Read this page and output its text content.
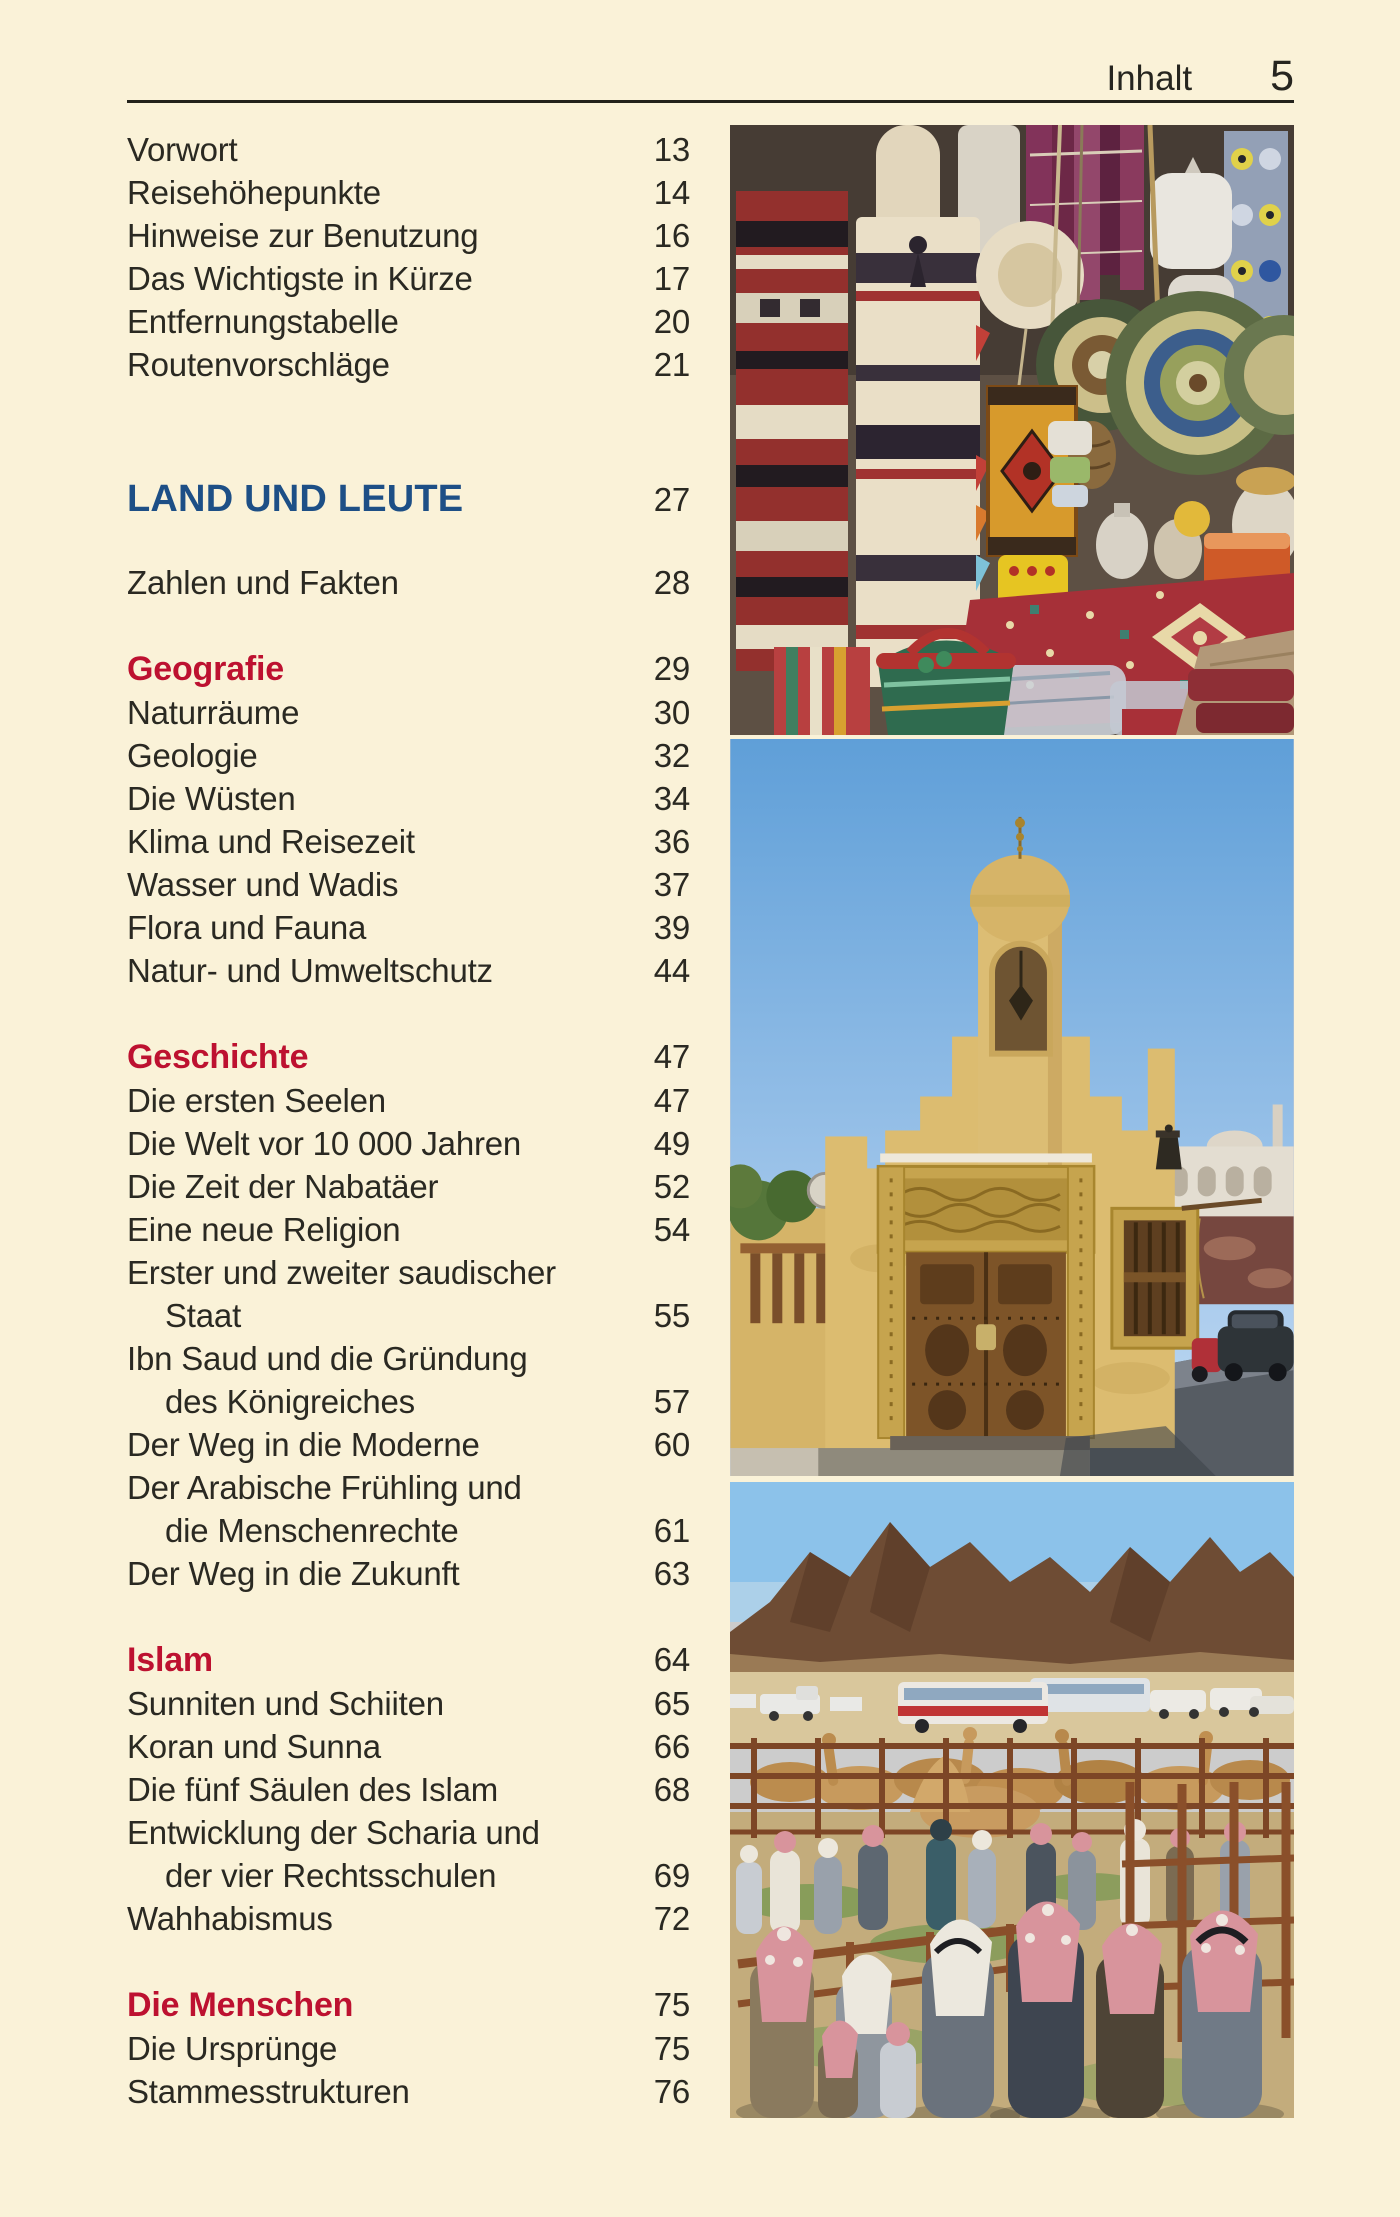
Inhalt 5
Vorwort	13
Reisehöhepunkte	14
Hinweise zur Benutzung	16
Das Wichtigste in Kürze	17
Entfernungstabelle	20
Routenvorschläge	21
LAND UND LEUTE	27
Zahlen und Fakten	28
Geografie	29
Naturräume	30
Geologie	32
Die Wüsten	34
Klima und Reisezeit	36
Wasser und Wadis	37
Flora und Fauna	39
Natur- und Umweltschutz	44
Geschichte	47
Die ersten Seelen	47
Die Welt vor 10 000 Jahren	49
Die Zeit der Nabatäer	52
Eine neue Religion	54
Erster und zweiter saudischer
Staat	55
Ibn Saud und die Gründung
des Königreiches	57
Der Weg in die Moderne	60
Der Arabische Frühling und
die Menschenrechte	61
Der Weg in die Zukunft	63
Islam	64
Sunniten und Schiiten	65
Koran und Sunna	66
Die fünf Säulen des Islam	68
Entwicklung der Scharia und
der vier Rechtsschulen	69
Wahhabismus	72
Die Menschen	75
Die Ursprünge	75
Stammesstrukturen	76
